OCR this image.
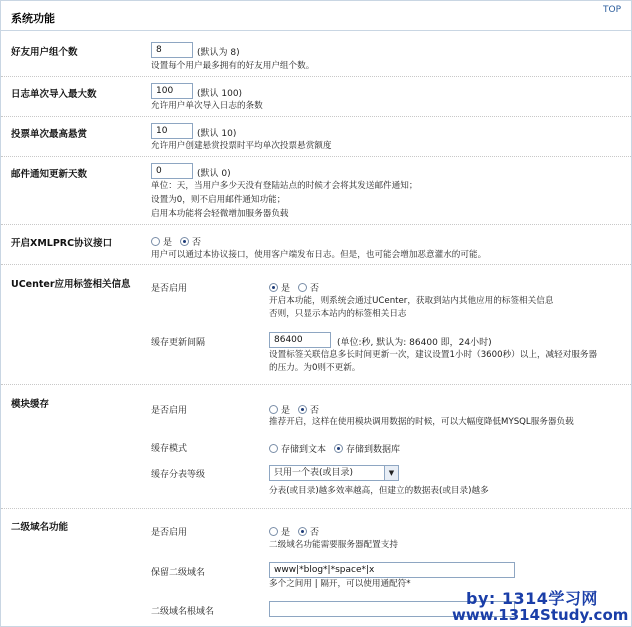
系统功能
TOP
好友用户组个数
8	(默认为 8)
设置每个用户最多拥有的好友用户组个数。
日志单次导入最大数
100	(默认 100)
允许用户单次导入日志的条数
投票单次最高悬赏
10	(默认 10)
允许用户创建悬赏投票时平均单次投票悬赏额度
邮件通知更新天数
0	(默认 0)
单位：天，当用户多少天没有登陆站点的时候才会将其发送邮件通知；
设置为0，则不启用邮件通知功能；
启用本功能将会轻微增加服务器负载
开启XMLPRC协议接口	是 否
用户可以通过本协议接口，使用客户端发布日志。但是，也可能会增加恶意灌水的可能。
UCenter应用标签相关信息 是否启用	是 否
开启本功能，则系统会通过UCenter，获取到站内其他应用的标签相关信息
否则，只显示本站内的标签相关日志
缓存更新间隔
86400	(单位:秒, 默认为: 86400 即，24小时)
设置标签关联信息多长时间更新一次，建议设置1小时（3600秒）以上，减轻对服务器
的压力。为0则不更新。
模块缓存
是否启用	是 否
推荐开启，这样在使用模块调用数据的时候，可以大幅度降低MYSQL服务器负载
缓存模式	存储到文本 存储到数据库
缓存分表等级	只用一个表(或目录)	▼
分表(或目录)越多效率越高，但建立的数据表(或目录)越多
二级域名功能	是否启用	是 否
二级域名功能需要服务器配置支持
保留二级域名
www|*blog*|*space*|x
多个之间用 | 隔开，可以使用通配符*
二级域名根域名
by: 1314学习网
www.1314Study.com
